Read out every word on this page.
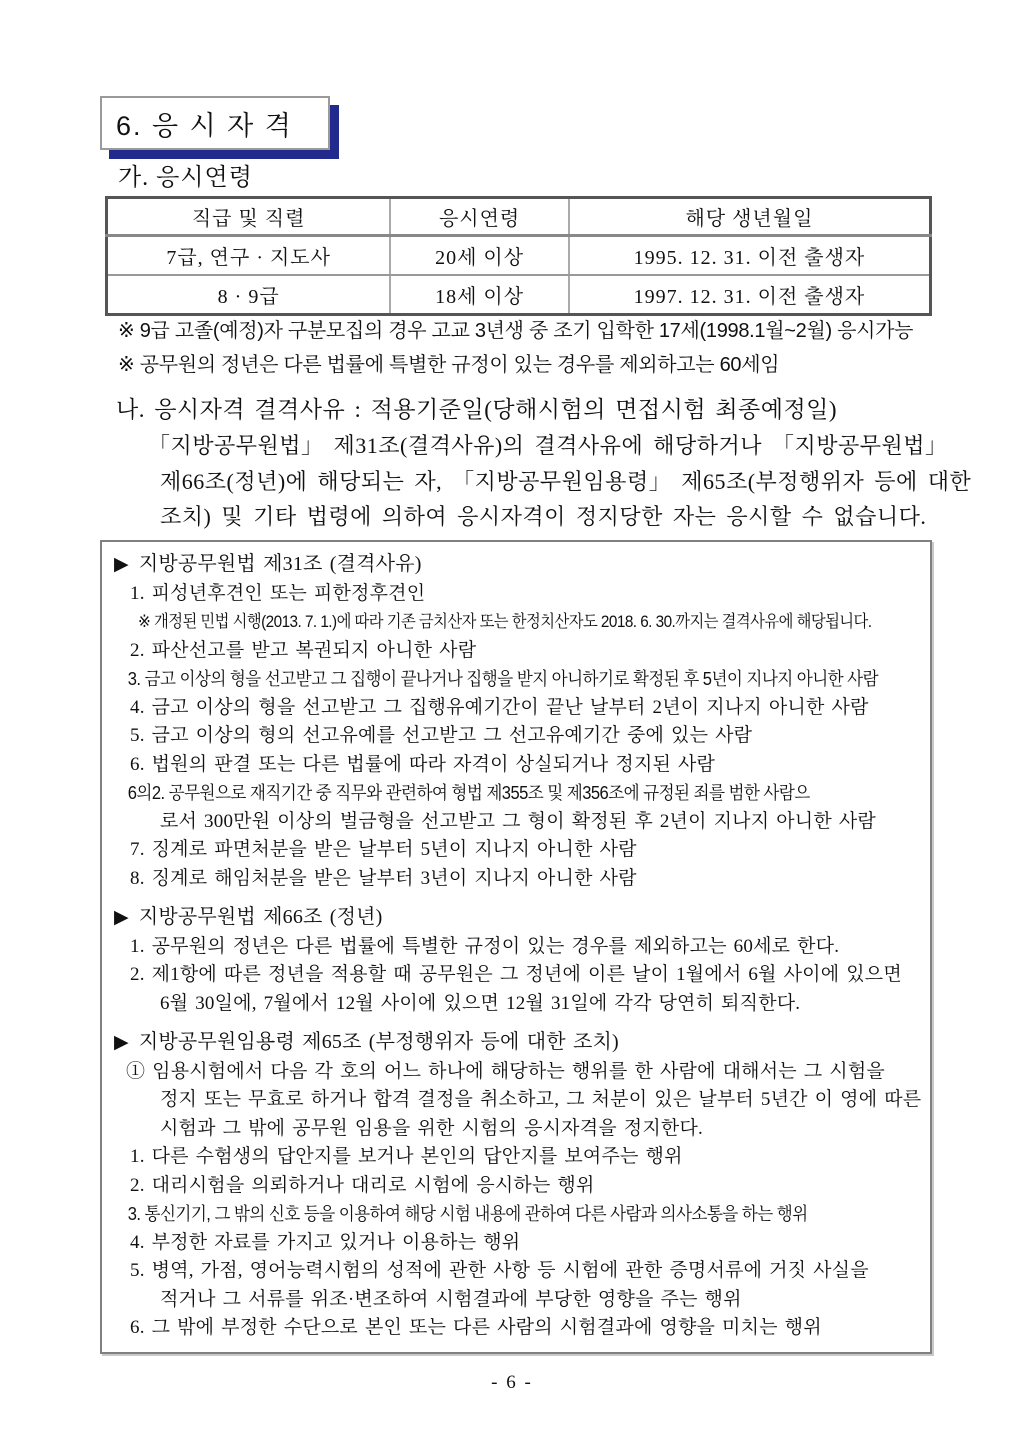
6. 응 시 자 격
가. 응시연령
직급 및 직렬	응시연령	해당 생년월일
7급, 연구 · 지도사	20세 이상	1995. 12. 31. 이전 출생자
8 · 9급	18세 이상	1997. 12. 31. 이전 출생자
※ 9급 고졸(예정)자 구분모집의 경우 고교 3년생 중 조기 입학한 17세(1998.1월~2월) 응시가능
※ 공무원의 정년은 다른 법률에 특별한 규정이 있는 경우를 제외하고는 60세임
나. 응시자격 결격사유 : 적용기준일(당해시험의 면접시험 최종예정일)
「지방공무원법」 제31조(결격사유)의 결격사유에 해당하거나 「지방공무원법」
제66조(정년)에 해당되는 자, 「지방공무원임용령」 제65조(부정행위자 등에 대한
조치) 및 기타 법령에 의하여 응시자격이 정지당한 자는 응시할 수 없습니다.
▶ 지방공무원법 제31조 (결격사유)
1. 피성년후견인 또는 피한정후견인
※ 개정된 민법 시행(2013. 7. 1.)에 따라 기존 금치산자 또는 한정치산자도 2018. 6. 30.까지는 결격사유에 해당됩니다.
2. 파산선고를 받고 복권되지 아니한 사람
3. 금고 이상의 형을 선고받고 그 집행이 끝나거나 집행을 받지 아니하기로 확정된 후 5년이 지나지 아니한 사람
4. 금고 이상의 형을 선고받고 그 집행유예기간이 끝난 날부터 2년이 지나지 아니한 사람
5. 금고 이상의 형의 선고유예를 선고받고 그 선고유예기간 중에 있는 사람
6. 법원의 판결 또는 다른 법률에 따라 자격이 상실되거나 정지된 사람
6의2. 공무원으로 재직기간 중 직무와 관련하여 형법 제355조 및 제356조에 규정된 죄를 범한 사람으
로서 300만원 이상의 벌금형을 선고받고 그 형이 확정된 후 2년이 지나지 아니한 사람
7. 징계로 파면처분을 받은 날부터 5년이 지나지 아니한 사람
8. 징계로 해임처분을 받은 날부터 3년이 지나지 아니한 사람
▶ 지방공무원법 제66조 (정년)
1. 공무원의 정년은 다른 법률에 특별한 규정이 있는 경우를 제외하고는 60세로 한다.
2. 제1항에 따른 정년을 적용할 때 공무원은 그 정년에 이른 날이 1월에서 6월 사이에 있으면
6월 30일에, 7월에서 12월 사이에 있으면 12월 31일에 각각 당연히 퇴직한다.
▶ 지방공무원임용령 제65조 (부정행위자 등에 대한 조치)
① 임용시험에서 다음 각 호의 어느 하나에 해당하는 행위를 한 사람에 대해서는 그 시험을
정지 또는 무효로 하거나 합격 결정을 취소하고, 그 처분이 있은 날부터 5년간 이 영에 따른
시험과 그 밖에 공무원 임용을 위한 시험의 응시자격을 정지한다.
1. 다른 수험생의 답안지를 보거나 본인의 답안지를 보여주는 행위
2. 대리시험을 의뢰하거나 대리로 시험에 응시하는 행위
3. 통신기기, 그 밖의 신호 등을 이용하여 해당 시험 내용에 관하여 다른 사람과 의사소통을 하는 행위
4. 부정한 자료를 가지고 있거나 이용하는 행위
5. 병역, 가점, 영어능력시험의 성적에 관한 사항 등 시험에 관한 증명서류에 거짓 사실을
적거나 그 서류를 위조·변조하여 시험결과에 부당한 영향을 주는 행위
6. 그 밖에 부정한 수단으로 본인 또는 다른 사람의 시험결과에 영향을 미치는 행위
- 6 -
